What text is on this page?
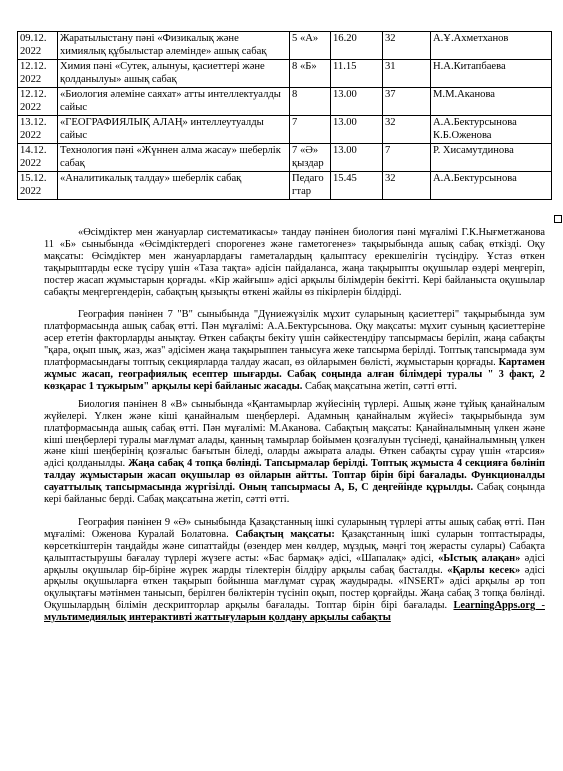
09.12.
2022	Жаратылыстану пәні «Физикалық және химиялық құбылыстар әлемінде» ашық сабақ	5 «А»	16.20	32	А.Ұ.Ахметханов
12.12.
2022	Химия пәні «Сутек, алынуы, қасиеттері және қолданылуы» ашық сабақ	8 «Б»	11.15	31	Н.А.Китапбаева
12.12.
2022	«Биология әлеміне саяхат» атты интеллектуалды сайыс	8	13.00	37	М.М.Аканова
13.12.
2022	«ГЕОГРАФИЯЛЫҚ АЛАҢ» интеллеутуалды сайыс	7	13.00	32	А.А.Бектурсынова
К.Б.Оженова
14.12.
2022	Технология пәні «Жүннен алма жасау» шеберлік сабақ	7 «Ә»
қыздар	13.00	7	Р. Хисамутдинова
15.12.
2022	«Аналитикалық талдау» шеберлік сабақ	Педаго
гтар	15.45	32	А.А.Бектурсынова

«Өсімдіктер мен жануарлар систематикасы» тандау пәнінен биология пәні мұғалімі Г.К.Нығметжанова 11 «Б» сыныбында «Өсімдіктердегі спорогенез және гаметогенез» тақырыбында ашық сабақ өткізді. Оқу мақсаты: Өсімдіктер мен жануарлардағы гаметалардың қалыптасу ерекшелігін түсіндіру. Ұстаз өткен тақырыптарды еске түсіру үшін «Таза тақта» әдісін пайдаланса, жаңа тақырыпты оқушылар өздері меңгеріп, постер жасап жұмыстарын қорғады. «Кір жайғыш» әдісі арқылы білімдерін бекітті. Кері байланыста оқушылар сабақты меңгергендерін, сабақтың қызықты өткені жайлы өз пікірлерін білдірді.

География пәнінен 7 "В" сыныбында "Дүниежүзілік мұхит суларының қасиеттері" тақырыбында зум платформасында ашық сабақ өтті. Пән мұғалімі: А.А.Бектурсынова. Оқу мақсаты: мұхит суының қасиеттеріне әсер ететін факторларды анықтау. Өткен сабақты бекіту үшін сәйкестендіру тапсырмасы беріліп, жаңа сабақты "қара, оқып шық, жаз, жаз" әдісімен жаңа тақырыппен танысуға жеке тапсырма берілді. Топтық тапсырмада зум платформасындағы топтық секциярларда талдау жасап, өз ойларымен бөлісті, жұмыстарын қорғады. Картамен жұмыс жасап, географиялық есептер шығарды. Сабақ соңында алған білімдері туралы " 3 факт, 2 көзқарас 1 тұжырым" арқылы кері байланыс жасады. Сабақ мақсатына жетіп, сәтті өтті.

Биология пәнінен 8 «В» сыныбында «Қантамырлар жүйесінің түрлері. Ашық және тұйық қанайналым жүйелері. Үлкен және кіші қанайналым шеңберлері. Адамның қанайналым жүйесі» тақырыбында зум платформасында ашық сабақ өтті. Пән мұғалімі: М.Аканова. Сабақтың мақсаты: Қанайналымның үлкен және кіші шеңберлері туралы мағлұмат алады, қанның тамырлар бойымен қозғалуын түсінеді, қанайналымның үлкен және кіші шеңберінің қозғалыс бағытын біледі, оларды ажырата алады. Өткен сабақты сұрау үшін «тарсия» әдісі қолданылды. Жаңа сабақ 4 топқа бөлінді. Тапсырмалар берілді. Топтық жұмыста 4 секцияға бөлініп талдау жұмыстарын жасап оқушылар өз ойларын айтты. Топтар бірін бірі бағалады. Функционалды сауаттылық тапсырмасында жүргізілді. Оның тапсырмасы А, Б, С деңгейінде құрылды. Сабақ соңында кері байланыс берді. Сабақ мақсатына жетіп, сәтті өтті.

География пәнінен 9 «Ә» сыныбында Қазақстанның ішкі суларының түрлері атты ашық сабақ өтті. Пән мұғалімі: Оженова Куралай Болатовна. Сабақтың мақсаты: Қазақстанның ішкі суларын топтастырады, көрсеткіштерін таңдайды және сипаттайды (өзендер мен көлдер, мұздық, мәңгі тоң жерасты сулары) Сабақта қалыптастырушы бағалау түрлері жүзеге асты: «Бас бармақ» әдісі, «Шапалақ» әдісі, «Ыстық алақан» әдісі арқылы оқушылар бір-біріне жүрек жарды тілектерін білдіру арқылы сабақ басталды. «Қарлы кесек» әдісі арқылы оқушыларға өткен тақырып бойынша мағлұмат сұрақ жаудырады. «INSERT» әдісі арқылы әр топ оқулықтағы мәтінмен танысып, берілген бөліктерін түсініп оқып, постер қорғайды. Жаңа сабақ 3 топқа бөлінді. Оқушылардың білімін дескрипторлар арқылы бағалады. Топтар бірін бірі бағалады. LearningApps.org - мультимедиялық интерактивті жаттығуларын қолдану арқылы сабақты
